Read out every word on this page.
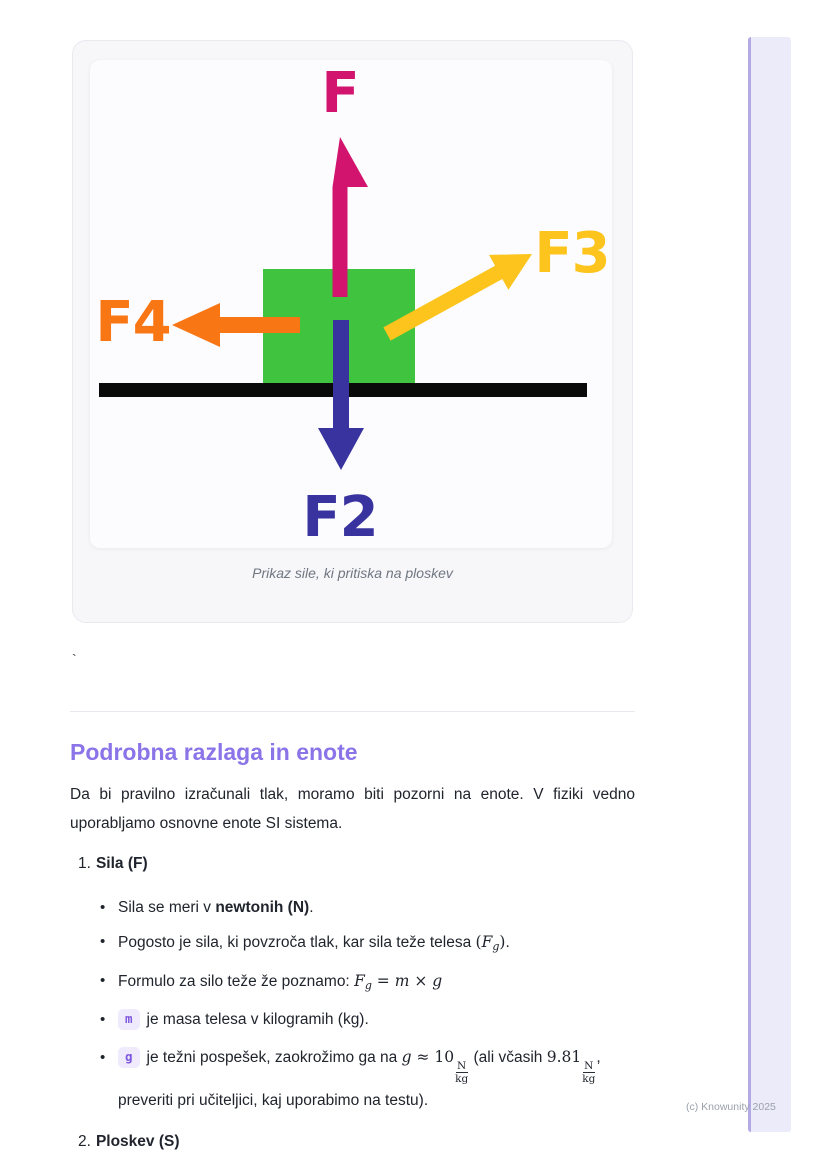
F
F3
F4
F2
Prikaz sile, ki pritiska na ploskev
`
Podrobna razlaga in enote

Da bi pravilno izračunali tlak, moramo biti pozorni na enote. V fiziki vedno uporabljamo osnovne enote SI sistema.

1. Sila (F)
• Sila se meri v newtonih (N).
• Pogosto je sila, ki povzroča tlak, kar sila teže telesa (Fg).
• Formulo za silo teže že poznamo: Fg = m × g
•	m je masa telesa v kilogramih (kg).
•	g je težni pospešek, zaokrožimo ga na g ≈ 10
$\frac{N}{kg}$
(ali včasih 9.81
$\frac{N}{kg}$
, preveriti pri učiteljici, kaj uporabimo na testu).
2. Ploskev (S)
(c) Knowunity 2025
